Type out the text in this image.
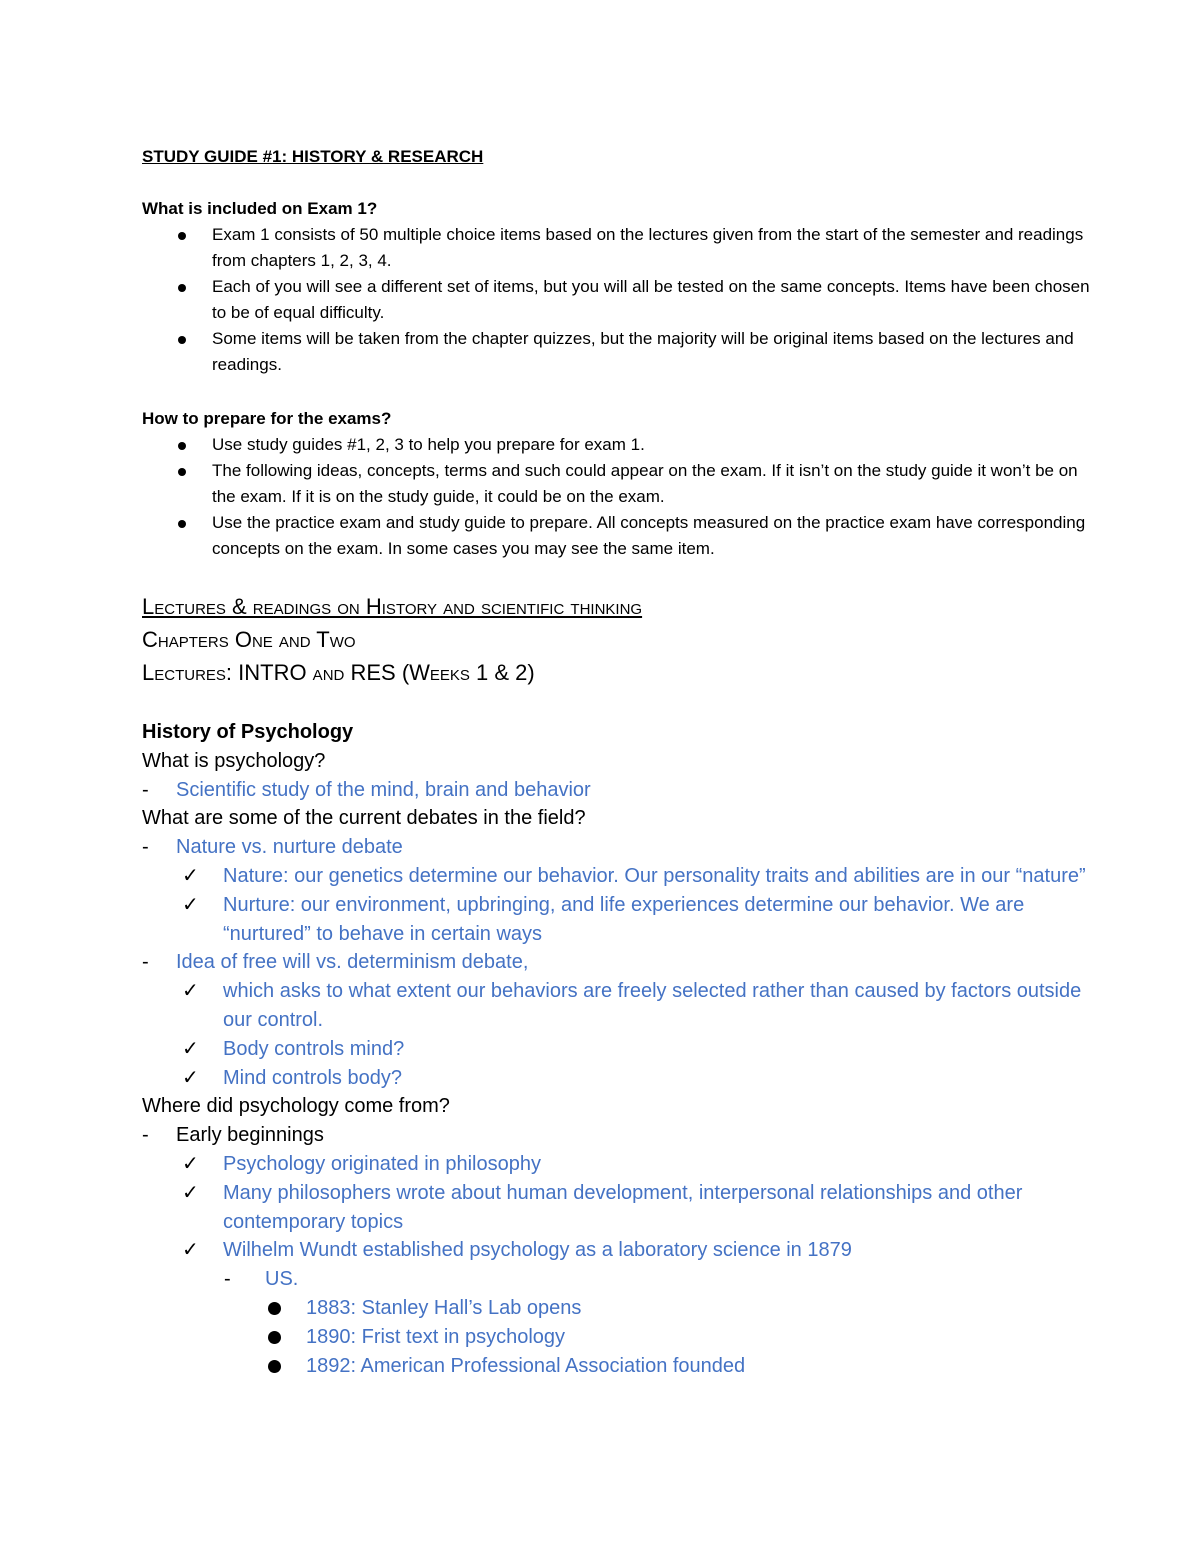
STUDY GUIDE #1: HISTORY & RESEARCH
What is included on Exam 1?
Exam 1 consists of 50 multiple choice items based on the lectures given from the start of the semester and readings from chapters 1, 2, 3, 4.
Each of you will see a different set of items, but you will all be tested on the same concepts. Items have been chosen to be of equal difficulty.
Some items will be taken from the chapter quizzes, but the majority will be original items based on the lectures and readings.
How to prepare for the exams?
Use study guides #1, 2, 3 to help you prepare for exam 1.
The following ideas, concepts, terms and such could appear on the exam. If it isn’t on the study guide it won’t be on the exam. If it is on the study guide, it could be on the exam.
Use the practice exam and study guide to prepare. All concepts measured on the practice exam have corresponding concepts on the exam. In some cases you may see the same item.
Lectures & readings on History and scientific thinking
Chapters One and Two
Lectures: INTRO and RES (Weeks 1 & 2)
History of Psychology
What is psychology?
- Scientific study of the mind, brain and behavior
What are some of the current debates in the field?
- Nature vs. nurture debate
✓ Nature: our genetics determine our behavior. Our personality traits and abilities are in our “nature”
✓ Nurture: our environment, upbringing, and life experiences determine our behavior. We are “nurtured” to behave in certain ways
- Idea of free will vs. determinism debate,
✓ which asks to what extent our behaviors are freely selected rather than caused by factors outside our control.
✓ Body controls mind?
✓ Mind controls body?
Where did psychology come from?
- Early beginnings
✓ Psychology originated in philosophy
✓ Many philosophers wrote about human development, interpersonal relationships and other contemporary topics
✓ Wilhelm Wundt established psychology as a laboratory science in 1879
- US.
1883: Stanley Hall’s Lab opens
1890: Frist text in psychology
1892: American Professional Association founded
